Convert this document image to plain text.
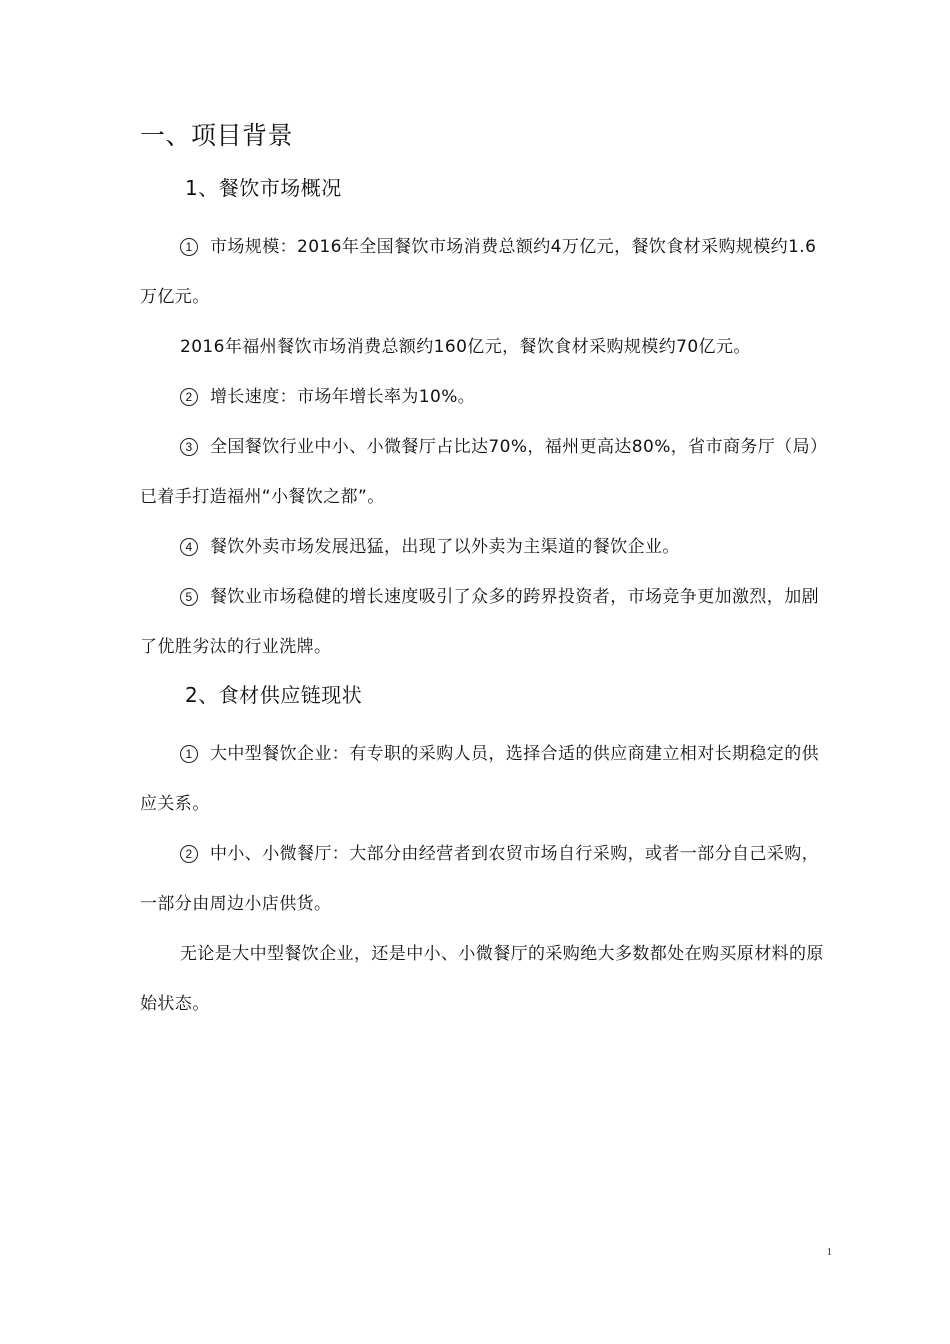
一、项目背景
1、餐饮市场概况

1 市场规模：2016年全国餐饮市场消费总额约4万亿元，餐饮食材采购规模约1.6万亿元。

2016年福州餐饮市场消费总额约160亿元，餐饮食材采购规模约70亿元。

2 增长速度：市场年增长率为10%。

3 全国餐饮行业中小、小微餐厅占比达70%，福州更高达80%，省市商务厅（局）已着手打造福州“小餐饮之都”。

4 餐饮外卖市场发展迅猛，出现了以外卖为主渠道的餐饮企业。

5 餐饮业市场稳健的增长速度吸引了众多的跨界投资者，市场竞争更加激烈，加剧了优胜劣汰的行业洗牌。

2、食材供应链现状

1 大中型餐饮企业：有专职的采购人员，选择合适的供应商建立相对长期稳定的供应关系。

2 中小、小微餐厅：大部分由经营者到农贸市场自行采购，或者一部分自己采购，一部分由周边小店供货。

无论是大中型餐饮企业，还是中小、小微餐厅的采购绝大多数都处在购买原材料的原始状态。

1
